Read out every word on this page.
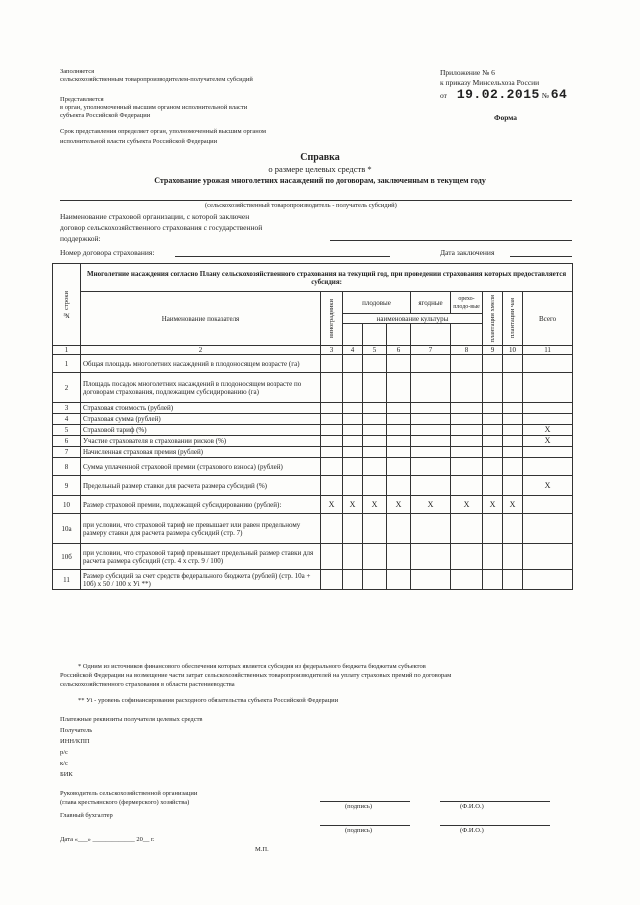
Заполняется
сельскохозяйственным товаропроизводителем-получателем субсидий
Представляется
в орган, уполномоченный высшим органом исполнительной власти
субъекта Российской Федерации
Срок представления определяет орган, уполномоченный высшим органом
исполнительной власти субъекта Российской Федерации
Приложение № 6
к приказу Минсельхоза России
от 19.02.2015 № 64
Форма
Справка
о размере целевых средств *
Страхование урожая многолетних насаждений по договорам, заключенным в текущем году
(сельскохозяйственный товаропроизводитель - получатель субсидий)
Наименование страховой организации, с которой заключен
договор сельскохозяйственного страхования с государственной
поддержкой:
Номер договора страхования:	Дата заключения
№ строки	Многолетние насаждения согласно Плану сельскохозяйственного страхования на текущий год, при проведении страхования которых предоставляется субсидия:									
	Наименование показателя	виноградники	плодовые			ягодные	орехо-плодо-вые	плантации хмеля	плантации чая	Всего
			наименование культуры							

1	2	3	4	5	6	7	8	9	10	11
1	Общая площадь многолетних насаждений в плодоносящем возрасте (га)									
2	Площадь посадок многолетних насаждений в плодоносящем возрасте по договорам страхования, подлежащим субсидированию (га)									
3	Страховая стоимость (рублей)									
4	Страховая сумма (рублей)									
5	Страховой тариф (%)									X
6	Участие страхователя в страховании рисков (%)									X
7	Начисленная страховая премия (рублей)									
8	Сумма уплаченной страховой премии (страхового взноса) (рублей)									
9	Предельный размер ставки для расчета размера субсидий (%)									X
10	Размер страховой премии, подлежащей субсидированию (рублей):	X	X	X	X	X	X	X	X	
10а	при условии, что страховой тариф не превышает или равен предельному размеру ставки для расчета размера субсидий (стр. 7)									
10б	при условии, что страховой тариф превышает предельный размер ставки для расчета размера субсидий (стр. 4 х стр. 9 / 100)									
11	Размер субсидий за счет средств федерального бюджета (рублей) (стр. 10а + 10б) х 50 / 100 х Уi **)									
* Одним из источников финансового обеспечения которых является субсидия из федерального бюджета бюджетам субъектов
Российской Федерации на возмещение части затрат сельскохозяйственных товаропроизводителей на уплату страховых премий по договорам
сельскохозяйственного страхования в области растениеводства
** Уi - уровень софинансирования расходного обязательства субъекта Российской Федерации
Платежные реквизиты получателя целевых средств
Получатель
ИНН/КПП
р/с
к/с
БИК
Руководитель сельскохозяйственной организации
(глава крестьянского (фермерского) хозяйства)
(подпись)	(Ф.И.О.)
Главный бухгалтер
(подпись)	(Ф.И.О.)
Дата «___» _____________ 20__ г.
М.П.
